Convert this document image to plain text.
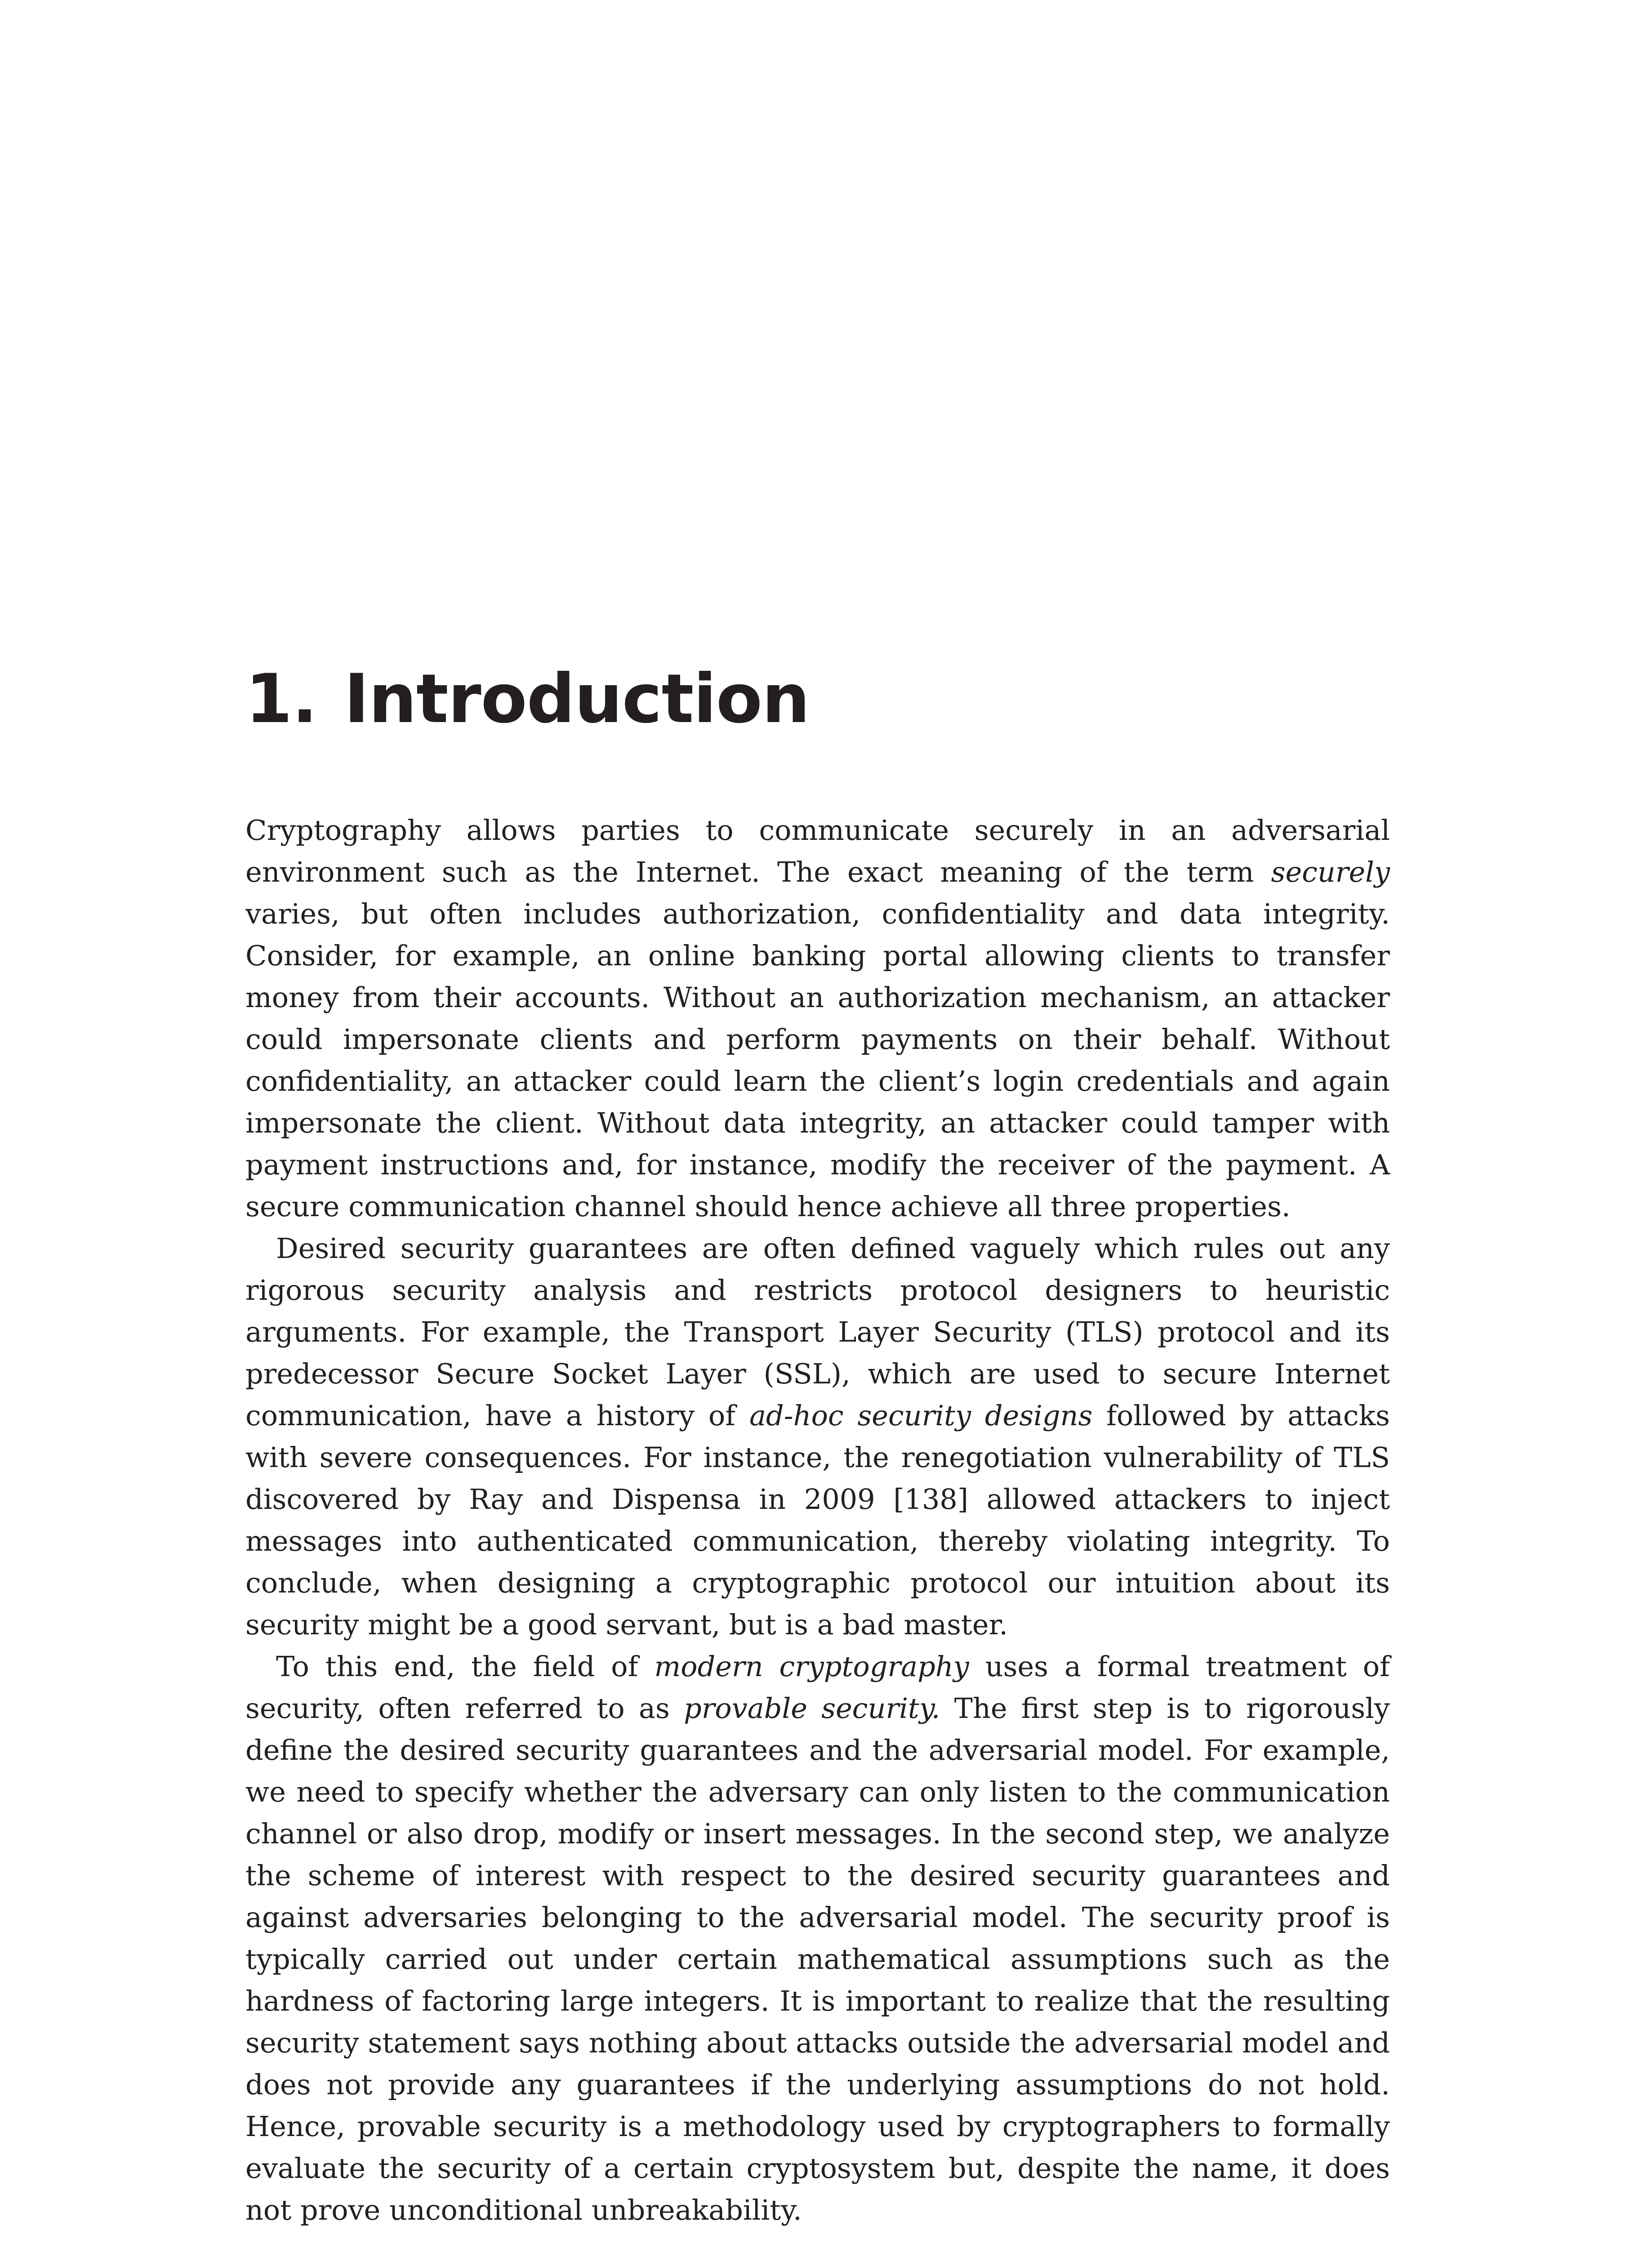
1. Introduction

Cryptography allows parties to communicate securely in an adversarial environment such as the Internet. The exact meaning of the term securely varies, but often includes authorization, confidentiality and data integrity. Consider, for example, an online banking portal allowing clients to transfer money from their accounts. Without an authorization mechanism, an attacker could impersonate clients and perform payments on their behalf. Without confidentiality, an attacker could learn the client’s login credentials and again impersonate the client. Without data integrity, an attacker could tamper with payment instructions and, for instance, modify the receiver of the payment. A secure communication channel should hence achieve all three properties.

Desired security guarantees are often defined vaguely which rules out any rigorous security analysis and restricts protocol designers to heuristic arguments. For example, the Transport Layer Security (TLS) protocol and its predecessor Secure Socket Layer (SSL), which are used to secure Internet communication, have a history of ad-hoc security designs followed by attacks with severe consequences. For instance, the renegotiation vulnerability of TLS discovered by Ray and Dispensa in 2009 [138] allowed attackers to inject messages into authenticated communication, thereby violating integrity. To conclude, when designing a cryptographic protocol our intuition about its security might be a good servant, but is a bad master.

To this end, the field of modern cryptography uses a formal treatment of security, often referred to as provable security. The first step is to rigorously define the desired security guarantees and the adversarial model. For example, we need to specify whether the adversary can only listen to the communication channel or also drop, modify or insert messages. In the second step, we analyze the scheme of interest with respect to the desired security guarantees and against adversaries belonging to the adversarial model. The security proof is typically carried out under certain mathematical assumptions such as the hardness of factoring large integers. It is important to realize that the resulting security statement says nothing about attacks outside the adversarial model and does not provide any guarantees if the underlying assumptions do not hold. Hence, provable security is a methodology used by cryptographers to formally evaluate the security of a certain cryptosystem but, despite the name, it does not prove unconditional unbreakability.
